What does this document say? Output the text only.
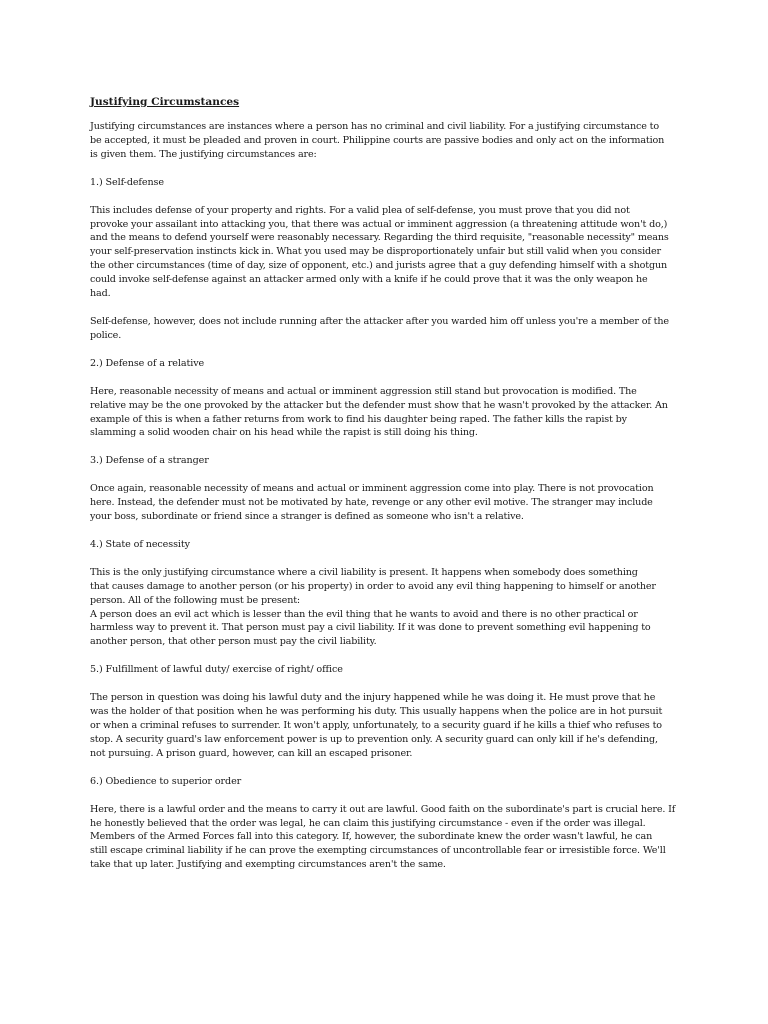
Justifying Circumstances
Justifying circumstances are instances where a person has no criminal and civil liability. For a justifying circumstance to
be accepted, it must be pleaded and proven in court. Philippine courts are passive bodies and only act on the information
is given them. The justifying circumstances are:
1.) Self-defense
This includes defense of your property and rights. For a valid plea of self-defense, you must prove that you did not
provoke your assailant into attacking you, that there was actual or imminent aggression (a threatening attitude won't do,)
and the means to defend yourself were reasonably necessary. Regarding the third requisite, "reasonable necessity" means
your self-preservation instincts kick in. What you used may be disproportionately unfair but still valid when you consider
the other circumstances (time of day, size of opponent, etc.) and jurists agree that a guy defending himself with a shotgun
could invoke self-defense against an attacker armed only with a knife if he could prove that it was the only weapon he
had.
Self-defense, however, does not include running after the attacker after you warded him off unless you're a member of the
police.
2.) Defense of a relative
Here, reasonable necessity of means and actual or imminent aggression still stand but provocation is modified. The
relative may be the one provoked by the attacker but the defender must show that he wasn't provoked by the attacker. An
example of this is when a father returns from work to find his daughter being raped. The father kills the rapist by
slamming a solid wooden chair on his head while the rapist is still doing his thing.
3.) Defense of a stranger
Once again, reasonable necessity of means and actual or imminent aggression come into play. There is not provocation
here. Instead, the defender must not be motivated by hate, revenge or any other evil motive. The stranger may include
your boss, subordinate or friend since a stranger is defined as someone who isn't a relative.
4.) State of necessity
This is the only justifying circumstance where a civil liability is present. It happens when somebody does something
that causes damage to another person (or his property) in order to avoid any evil thing happening to himself or another
person. All of the following must be present:
A person does an evil act which is lesser than the evil thing that he wants to avoid and there is no other practical or
harmless way to prevent it. That person must pay a civil liability. If it was done to prevent something evil happening to
another person, that other person must pay the civil liability.
5.) Fulfillment of lawful duty/ exercise of right/ office
The person in question was doing his lawful duty and the injury happened while he was doing it. He must prove that he
was the holder of that position when he was performing his duty. This usually happens when the police are in hot pursuit
or when a criminal refuses to surrender. It won't apply, unfortunately, to a security guard if he kills a thief who refuses to
stop. A security guard's law enforcement power is up to prevention only. A security guard can only kill if he's defending,
not pursuing. A prison guard, however, can kill an escaped prisoner.
6.) Obedience to superior order
Here, there is a lawful order and the means to carry it out are lawful. Good faith on the subordinate's part is crucial here. If
he honestly believed that the order was legal, he can claim this justifying circumstance - even if the order was illegal.
Members of the Armed Forces fall into this category. If, however, the subordinate knew the order wasn't lawful, he can
still escape criminal liability if he can prove the exempting circumstances of uncontrollable fear or irresistible force. We'll
take that up later. Justifying and exempting circumstances aren't the same.
